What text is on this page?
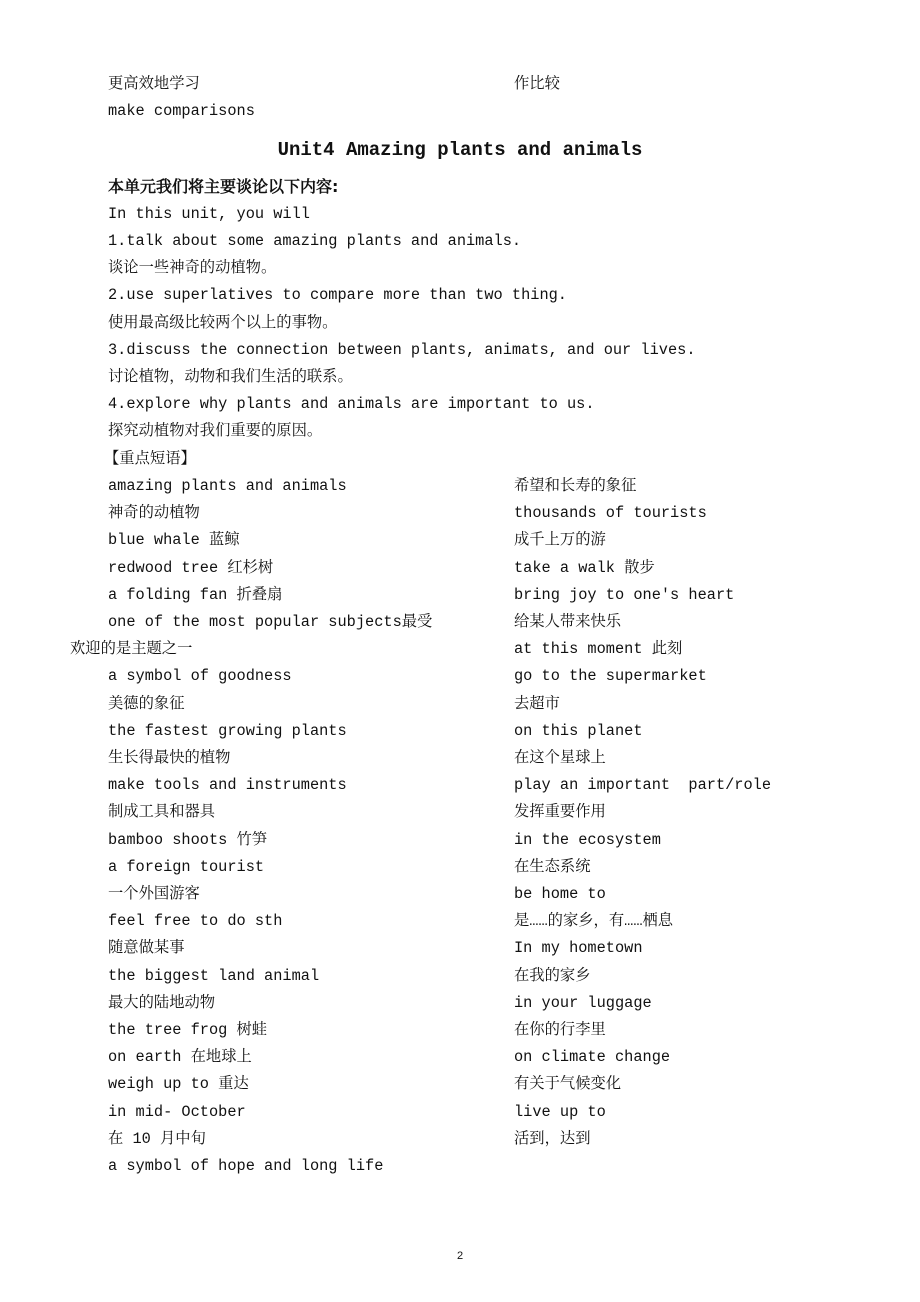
更高效地学习	作比较
make comparisons
Unit4 Amazing plants and animals
本单元我们将主要谈论以下内容:
In this unit, you will
1.talk about some amazing plants and animals.
谈论一些神奇的动植物。
2.use superlatives to compare more than two thing.
使用最高级比较两个以上的事物。
3.discuss the connection between plants, animats, and our lives.
讨论植物，动物和我们生活的联系。
4.explore why plants and animals are important to us.
探究动植物对我们重要的原因。
【重点短语】
amazing plants and animals
神奇的动植物
blue whale 蓝鲸
redwood tree 红杉树
a folding fan 折叠扇
one of the most popular subjects最受
欢迎的是主题之一
a symbol of goodness
美德的象征
the fastest growing plants
生长得最快的植物
make tools and instruments
制成工具和器具
bamboo shoots 竹笋
a foreign tourist
一个外国游客
feel free to do sth
随意做某事
the biggest land animal
最大的陆地动物
the tree frog 树蛙
on earth 在地球上
weigh up to 重达
in mid- October
在 10 月中旬
a symbol of hope and long life
希望和长寿的象征
thousands of tourists
成千上万的游
take a walk 散步
bring joy to one's heart
给某人带来快乐
at this moment 此刻
go to the supermarket
去超市
on this planet
在这个星球上
play an important  part/role
发挥重要作用
in the ecosystem
在生态系统
be home to
是……的家乡，有……栖息
In my hometown
在我的家乡
in your luggage
在你的行李里
on climate change
有关于气候变化
live up to
活到，达到
2
